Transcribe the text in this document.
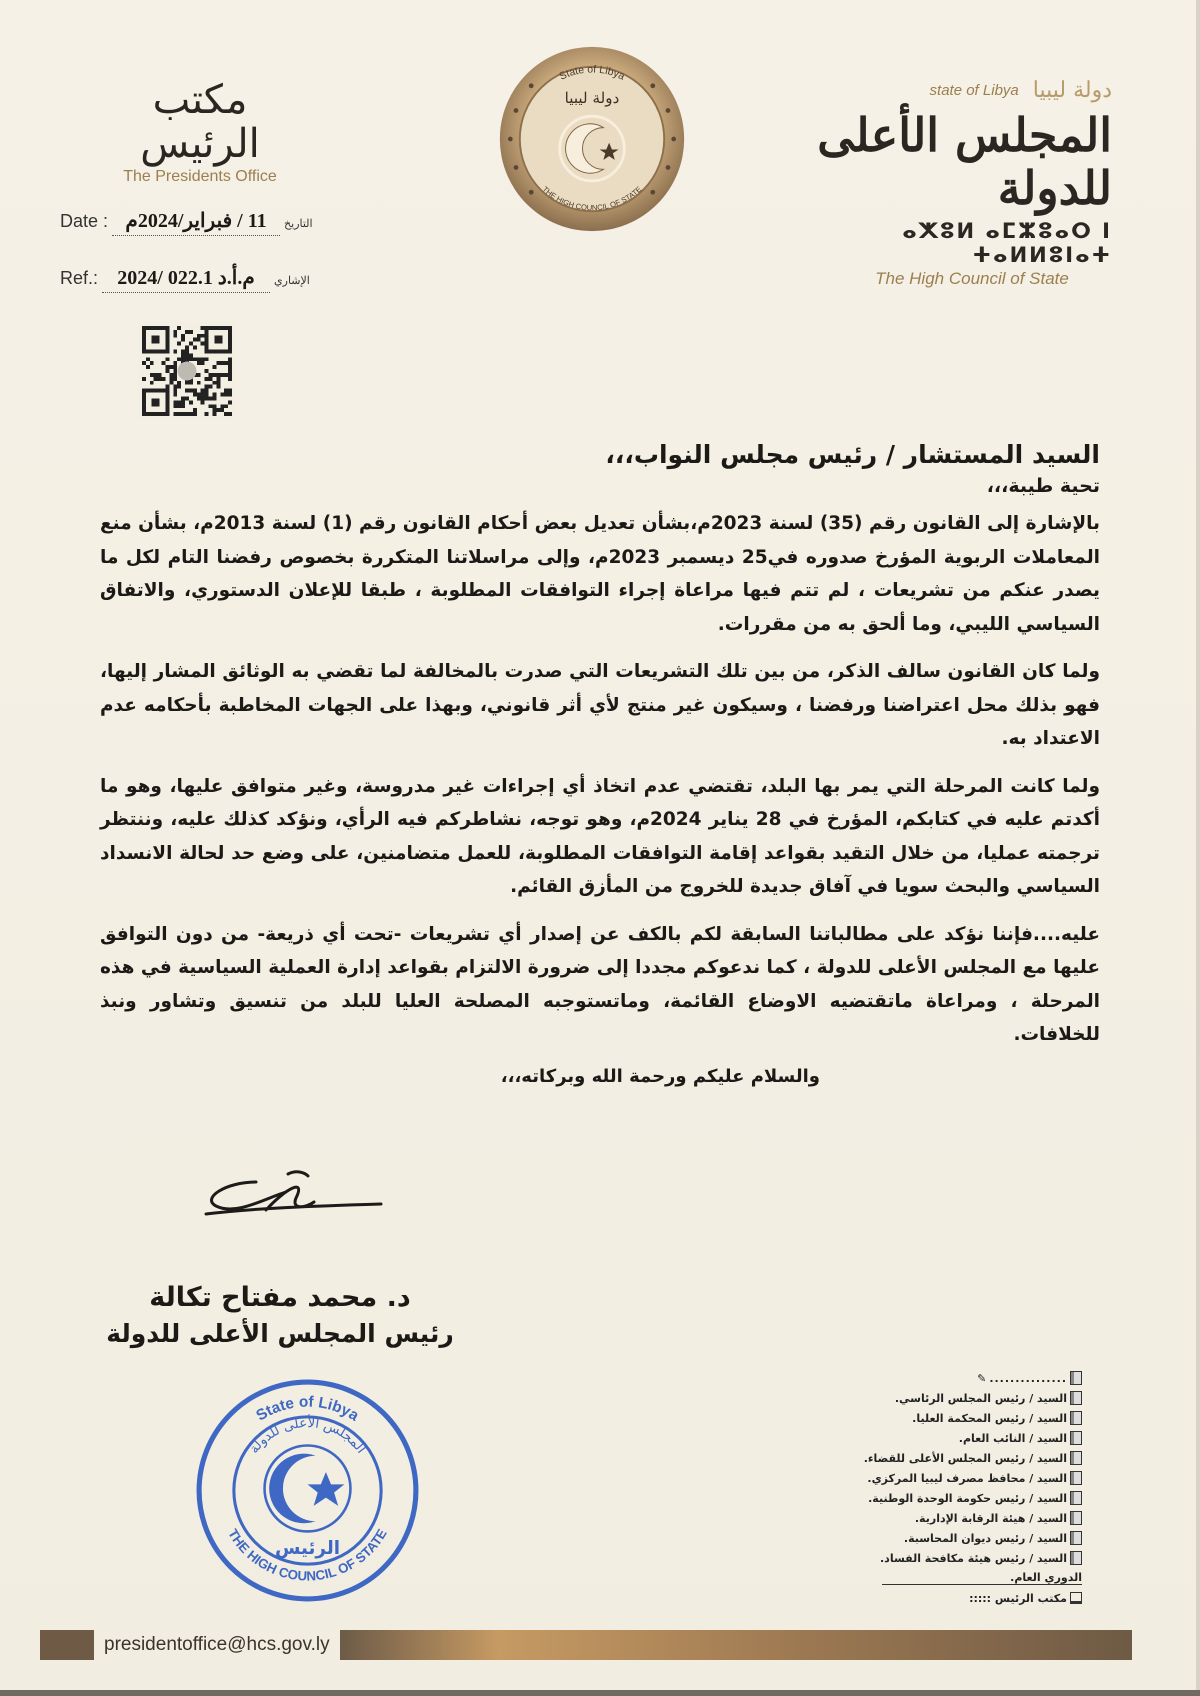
state of Libya دولة ليبيا
المجلس الأعلى للدولة
ⴰⵅⵓⵍ ⴰⵎⵣⵓⴰⵔ ⵏ ⵜⴰⵍⵍⵓⵏⴰⵜ
The High Council of State
State of Libya
THE HIGH COUNCIL OF STATE
دولة ليبيا
مكتب الرئيس
The Presidents Office
Date : 11 / فبراير/2024م	التاريخ
Ref.: م.أ.د 022.1 /2024	الإشاري

السيد المستشار / رئيس مجلس النواب،،،

تحية طيبة،،،

بالإشارة إلى القانون رقم (35) لسنة 2023م،بشأن تعديل بعض أحكام القانون رقم (1) لسنة 2013م، بشأن منع المعاملات الربوية المؤرخ صدوره في25 ديسمبر 2023م، وإلى مراسلاتنا المتكررة بخصوص رفضنا التام لكل ما يصدر عنكم من تشريعات ، لم تتم فيها مراعاة إجراء التوافقات المطلوبة ، طبقا للإعلان الدستوري، والاتفاق السياسي الليبي، وما ألحق به من مقررات.

ولما كان القانون سالف الذكر، من بين تلك التشريعات التي صدرت بالمخالفة لما تقضي به الوثائق المشار إليها، فهو بذلك محل اعتراضنا ورفضنا ، وسيكون غير منتج لأي أثر قانوني، وبهذا على الجهات المخاطبة بأحكامه عدم الاعتداد به.

ولما كانت المرحلة التي يمر بها البلد، تقتضي عدم اتخاذ أي إجراءات غير مدروسة، وغير متوافق عليها، وهو ما أكدتم عليه في كتابكم، المؤرخ في 28 يناير 2024م، وهو توجه، نشاطركم فيه الرأي، ونؤكد كذلك عليه، وننتظر ترجمته عمليا، من خلال التقيد بقواعد إقامة التوافقات المطلوبة، للعمل متضامنين، على وضع حد لحالة الانسداد السياسي والبحث سويا في آفاق جديدة للخروج من المأزق القائم.

عليه....فإننا نؤكد على مطالباتنا السابقة لكم بالكف عن إصدار أي تشريعات -تحت أي ذريعة- من دون التوافق عليها مع المجلس الأعلى للدولة ، كما ندعوكم مجددا إلى ضرورة الالتزام بقواعد إدارة العملية السياسية في هذه المرحلة ، ومراعاة ماتقتضيه الاوضاع القائمة، وماتستوجبه المصلحة العليا للبلد من تنسيق وتشاور ونبذ للخلافات.

والسلام عليكم ورحمة الله وبركاته،،،

د. محمد مفتاح تكالة
رئيس المجلس الأعلى للدولة
State of Libya
THE HIGH COUNCIL OF STATE
المجلس الأعلى للدولة
الرئيس
...............
✎
السيد / رئيس المجلس الرئاسي.
السيد / رئيس المحكمة العليا.
السيد / النائب العام.
السيد / رئيس المجلس الأعلى للقضاء.
السيد / محافظ مصرف ليبيا المركزي.
السيد / رئيس حكومة الوحدة الوطنية.
السيد / هيئة الرقابة الإدارية.
السيد / رئيس ديوان المحاسبة.
السيد / رئيس هيئة مكافحة الفساد.
الدوري العام.
مكتب الرئيس :::::
presidentoffice@hcs.gov.ly
